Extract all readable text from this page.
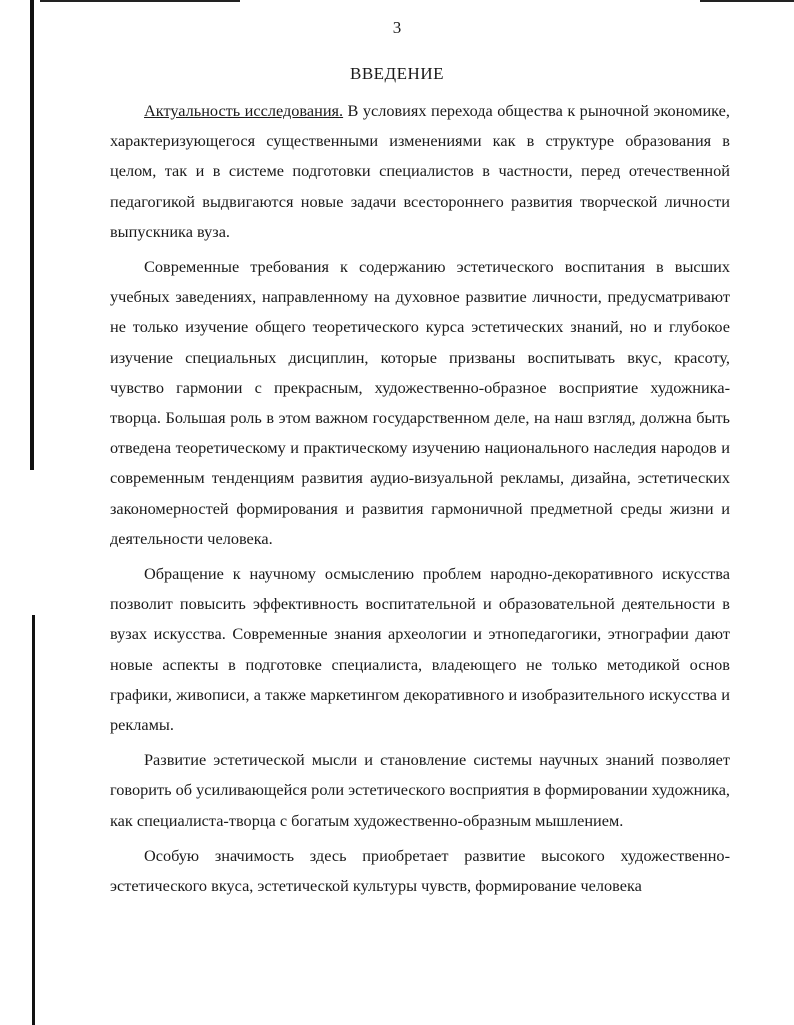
3
ВВЕДЕНИЕ

Актуальность исследования. В условиях перехода общества к рыночной экономике, характеризующегося существенными изменениями как в структуре образования в целом, так и в системе подготовки специалистов в частности, перед отечественной педагогикой выдвигаются новые задачи всестороннего развития творческой личности выпускника вуза.

Современные требования к содержанию эстетического воспитания в высших учебных заведениях, направленному на духовное развитие личности, предусматривают не только изучение общего теоретического курса эстетических знаний, но и глубокое изучение специальных дисциплин, которые призваны воспитывать вкус, красоту, чувство гармонии с прекрасным, художественно-образное восприятие художника-творца. Большая роль в этом важном государственном деле, на наш взгляд, должна быть отведена теоретическому и практическому изучению национального наследия народов и современным тенденциям развития аудио-визуальной рекламы, дизайна, эстетических закономерностей формирования и развития гармоничной предметной среды жизни и деятельности человека.

Обращение к научному осмыслению проблем народно-декоративного искусства позволит повысить эффективность воспитательной и образовательной деятельности в вузах искусства. Современные знания археологии и этнопедагогики, этнографии дают новые аспекты в подготовке специалиста, владеющего не только методикой основ графики, живописи, а также маркетингом декоративного и изобразительного искусства и рекламы.

Развитие эстетической мысли и становление системы научных знаний позволяет говорить об усиливающейся роли эстетического восприятия в формировании художника, как специалиста-творца с богатым художественно-образным мышлением.

Особую значимость здесь приобретает развитие высокого художественно-эстетического вкуса, эстетической культуры чувств, формирование человека
